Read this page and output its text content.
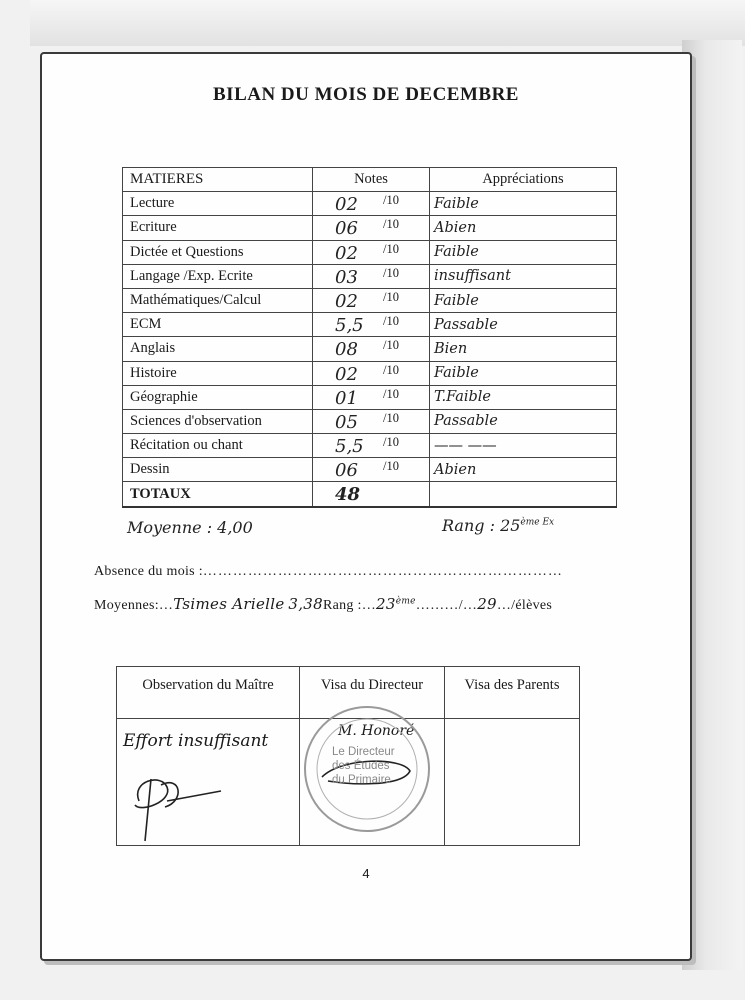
BILAN DU MOIS DE DECEMBRE
MATIERES	Notes	Appréciations
Lecture	02 /10	Faible
Ecriture	06 /10	Abien
Dictée et Questions	02 /10	Faible
Langage /Exp. Ecrite	03 /10	insuffisant
Mathématiques/Calcul	02 /10	Faible
ECM	5,5 /10	Passable
Anglais	08 /10	Bien
Histoire	02 /10	Faible
Géographie	01 /10	T.Faible
Sciences d'observation	05 /10	Passable
Récitation ou chant	5,5 /10	—— ——
Dessin	06 /10	Abien
TOTAUX	48	

Moyenne : 4,00	Rang : $25^{ème Ex}$
Absence du mois :………………………………………………………………
Moyennes:…Tsimes Arielle 3,38Rang :…23ème………/…29…/élèves
Observation du Maître	Visa du Directeur	Visa des Parents

Effort insuffisant	M. Honoré
Le Directeur
des Études
du Primaire	

4
